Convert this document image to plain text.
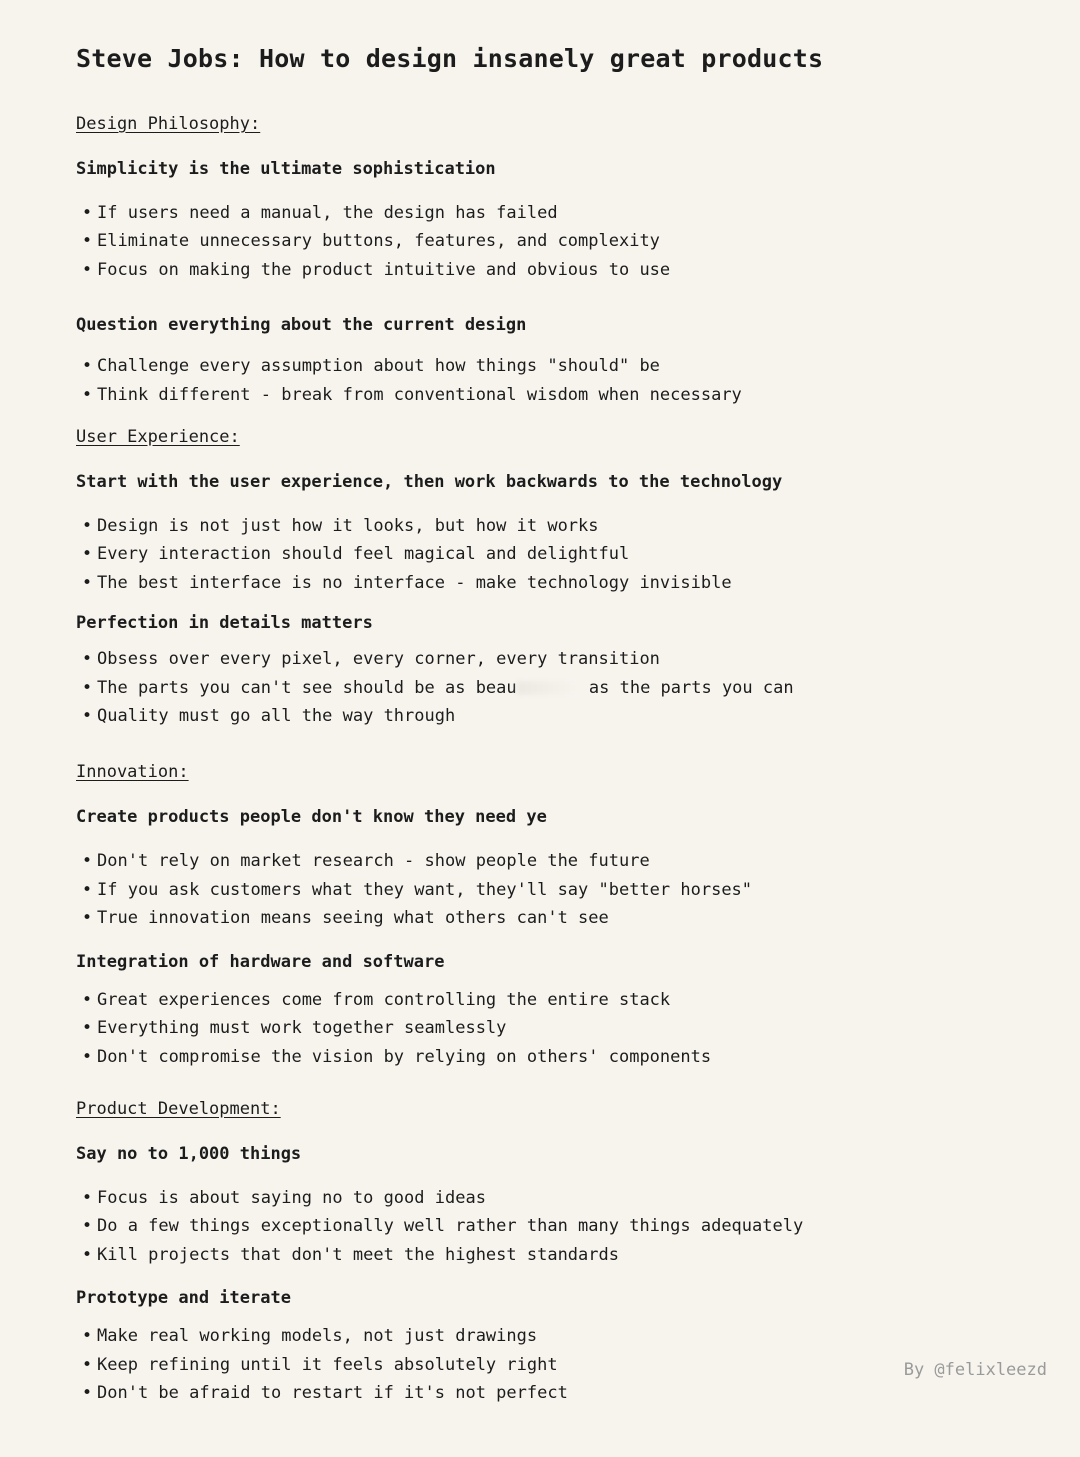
Steve Jobs: How to design insanely great products
Design Philosophy:
Simplicity is the ultimate sophistication
• If users need a manual, the design has failed
• Eliminate unnecessary buttons, features, and complexity
• Focus on making the product intuitive and obvious to use
Question everything about the current design
• Challenge every assumption about how things "should" be
• Think different - break from conventional wisdom when necessary
User Experience:
Start with the user experience, then work backwards to the technology
• Design is not just how it looks, but how it works
• Every interaction should feel magical and delightful
• The best interface is no interface - make technology invisible
Perfection in details matters
• Obsess over every pixel, every corner, every transition
• The parts you can't see should be as beau	as the parts you can
• Quality must go all the way through
Innovation:
Create products people don't know they need ye
• Don't rely on market research - show people the future
• If you ask customers what they want, they'll say "better horses"
• True innovation means seeing what others can't see
Integration of hardware and software
• Great experiences come from controlling the entire stack
• Everything must work together seamlessly
• Don't compromise the vision by relying on others' components
Product Development:
Say no to 1,000 things
• Focus is about saying no to good ideas
• Do a few things exceptionally well rather than many things adequately
• Kill projects that don't meet the highest standards
Prototype and iterate
• Make real working models, not just drawings
• Keep refining until it feels absolutely right
• Don't be afraid to restart if it's not perfect
By @felixleezd
